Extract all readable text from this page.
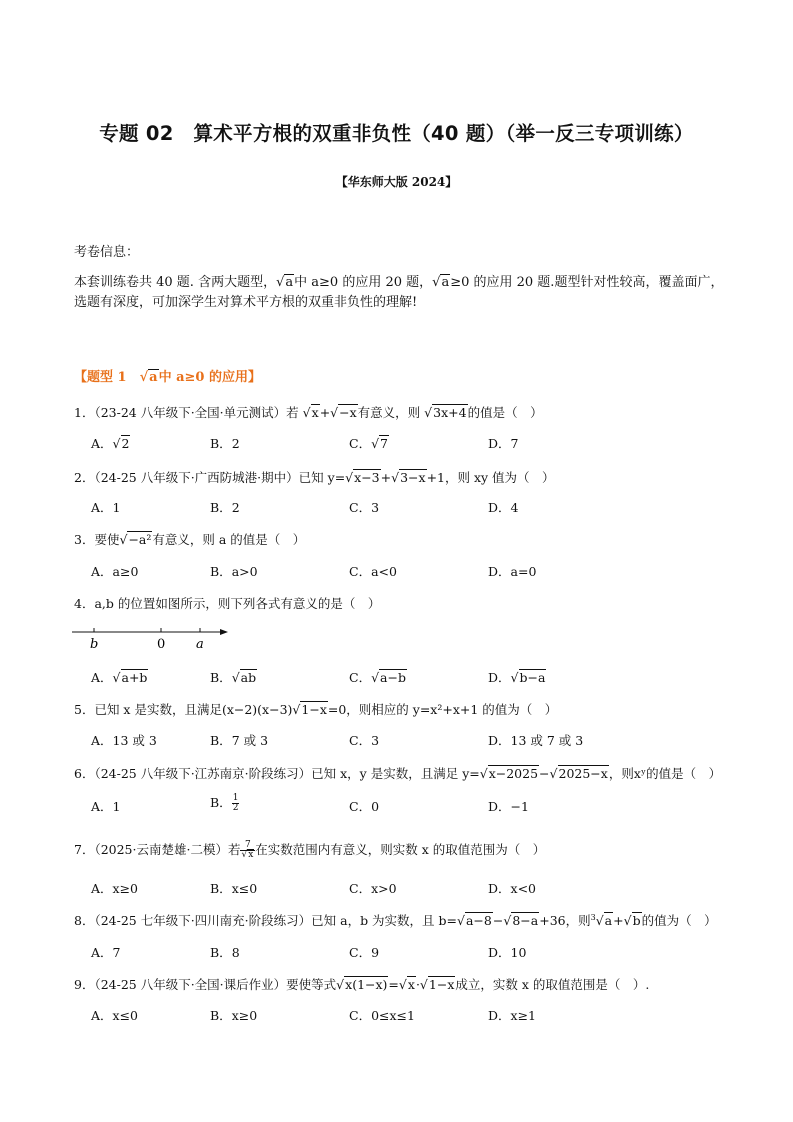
专题 02　算术平方根的双重非负性（40 题）（举一反三专项训练）
【华东师大版 2024】
考卷信息：
本套训练卷共 40 题. 含两大题型，√a中 a≥0 的应用 20 题，√a≥0 的应用 20 题.题型针对性较高，覆盖面广，选题有深度，可加深学生对算术平方根的双重非负性的理解!
【题型 1　√a中 a≥0 的应用】
1．（23-24 八年级下·全国·单元测试）若 √x+√−x有意义，则 √3x+4的值是（　）
A．√2	B．2	C．√7	D．7
2．（24-25 八年级下·广西防城港·期中）已知 y=√x−3+√3−x+1，则 xy 值为（　）
A．1	B．2	C．3	D．4
3．要使√−a²有意义，则 a 的值是（　）
A．a≥0	B．a>0	C．a<0	D．a=0
4．a,b 的位置如图所示，则下列各式有意义的是（　）
b	0 a
A．√a+b	B．√ab	C．√a−b	D．√b−a
5．已知 x 是实数，且满足(x−2)(x−3)√1−x=0，则相应的 y=x²+x+1 的值为（　）
A．13 或 3	B．7 或 3	C．3	D．13 或 7 或 3
6．（24-25 八年级下·江苏南京·阶段练习）已知 x，y 是实数，且满足 y=√x−2025−√2025−x，则xʸ的值是（　）
A．1	B． $\frac{1}{2}$	C．0	D．−1
7．（2025·云南楚雄·二模）若 $\frac{7}{√x}$ 在实数范围内有意义，则实数 x 的取值范围为（　）
A．x≥0	B．x≤0	C．x>0	D．x<0
8．（24-25 七年级下·四川南充·阶段练习）已知 a，b 为实数，且 b=√a−8−√8−a+36，则$^3$√a+√b的值为（　）
A．7	B．8	C．9	D．10
9．（24-25 八年级下·全国·课后作业）要使等式√x(1−x)=√x·√1−x成立，实数 x 的取值范围是（　）.
A．x≤0	B．x≥0	C．0≤x≤1	D．x≥1
